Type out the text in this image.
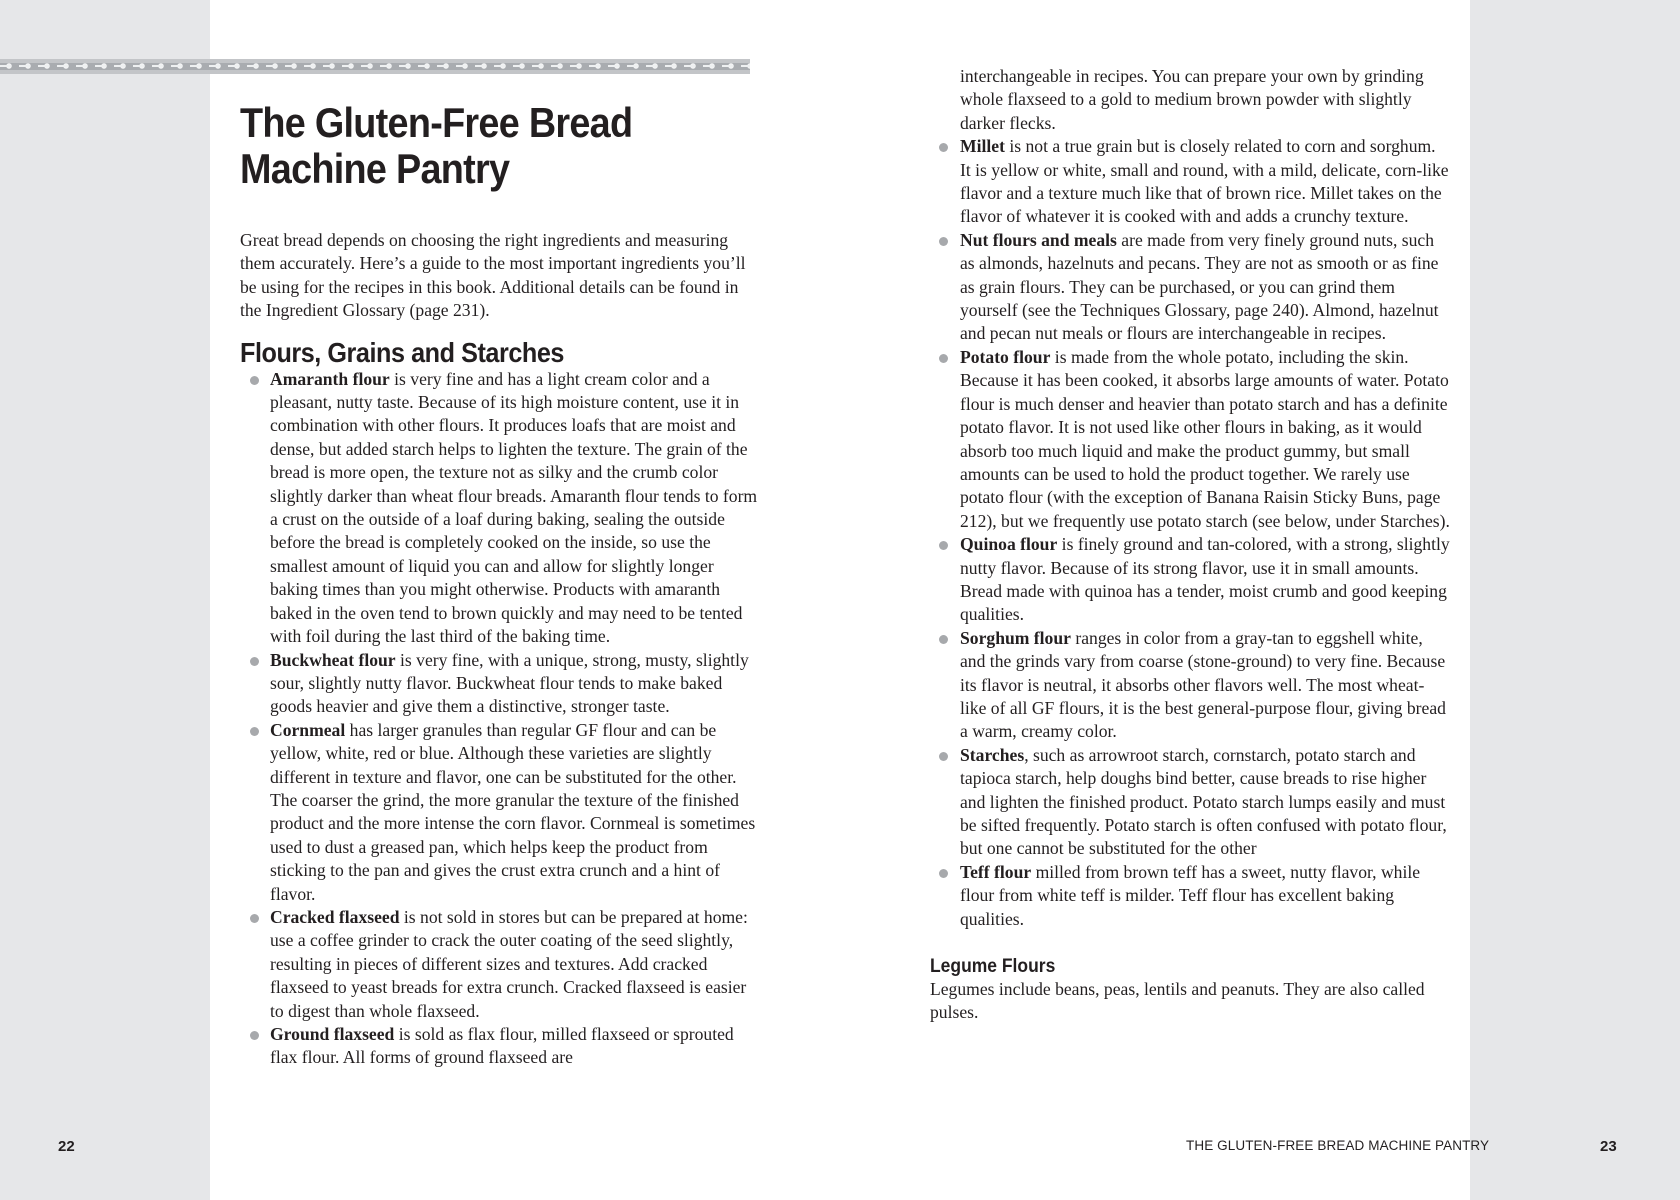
The Gluten-Free Bread
Machine Pantry

Great bread depends on choosing the right ingredients and measuring them accurately. Here’s a guide to the most important ingredients you’ll be using for the recipes in this book. Additional details can be found in the Ingredient Glossary (page 231).

Flours, Grains and Starches
Amaranth flour is very fine and has a light cream color and a pleasant, nutty taste. Because of its high moisture content, use it in combination with other flours. It produces loafs that are moist and dense, but added starch helps to lighten the texture. The grain of the bread is more open, the texture not as silky and the crumb color slightly darker than wheat flour breads. Amaranth flour tends to form a crust on the outside of a loaf during baking, sealing the outside before the bread is completely cooked on the inside, so use the smallest amount of liquid you can and allow for slightly longer baking times than you might otherwise. Products with amaranth baked in the oven tend to brown quickly and may need to be tented with foil during the last third of the baking time.
Buckwheat flour is very fine, with a unique, strong, musty, slightly sour, slightly nutty flavor. Buckwheat flour tends to make baked goods heavier and give them a distinctive, stronger taste.
Cornmeal has larger granules than regular GF flour and can be yellow, white, red or blue. Although these varieties are slightly different in texture and flavor, one can be substituted for the other. The coarser the grind, the more granular the texture of the finished product and the more intense the corn flavor. Cornmeal is sometimes used to dust a greased pan, which helps keep the product from sticking to the pan and gives the crust extra crunch and a hint of flavor.
Cracked flaxseed is not sold in stores but can be prepared at home: use a coffee grinder to crack the outer coating of the seed slightly, resulting in pieces of different sizes and textures. Add cracked flaxseed to yeast breads for extra crunch. Cracked flaxseed is easier to digest than whole flaxseed.
Ground flaxseed is sold as flax flour, milled flaxseed or sprouted flax flour. All forms of ground flaxseed are

interchangeable in recipes. You can prepare your own by grinding whole flaxseed to a gold to medium brown powder with slightly darker flecks.

Millet is not a true grain but is closely related to corn and sorghum. It is yellow or white, small and round, with a mild, delicate, corn-like flavor and a texture much like that of brown rice. Millet takes on the flavor of whatever it is cooked with and adds a crunchy texture.
Nut flours and meals are made from very finely ground nuts, such as almonds, hazelnuts and pecans. They are not as smooth or as fine as grain flours. They can be purchased, or you can grind them yourself (see the Techniques Glossary, page 240). Almond, hazelnut and pecan nut meals or flours are interchangeable in recipes.
Potato flour is made from the whole potato, including the skin. Because it has been cooked, it absorbs large amounts of water. Potato flour is much denser and heavier than potato starch and has a definite potato flavor. It is not used like other flours in baking, as it would absorb too much liquid and make the product gummy, but small amounts can be used to hold the product together. We rarely use potato flour (with the exception of Banana Raisin Sticky Buns, page 212), but we frequently use potato starch (see below, under Starches).
Quinoa flour is finely ground and tan-colored, with a strong, slightly nutty flavor. Because of its strong flavor, use it in small amounts. Bread made with quinoa has a tender, moist crumb and good keeping qualities.
Sorghum flour ranges in color from a gray-tan to eggshell white, and the grinds vary from coarse (stone-ground) to very fine. Because its flavor is neutral, it absorbs other flavors well. The most wheat-like of all GF flours, it is the best general-purpose flour, giving bread a warm, creamy color.
Starches, such as arrowroot starch, cornstarch, potato starch and tapioca starch, help doughs bind better, cause breads to rise higher and lighten the finished product. Potato starch lumps easily and must be sifted frequently. Potato starch is often confused with potato flour, but one cannot be substituted for the other
Teff flour milled from brown teff has a sweet, nutty flavor, while flour from white teff is milder. Teff flour has excellent baking qualities.
Legume Flours

Legumes include beans, peas, lentils and peanuts. They are also called pulses.

22	THE GLUTEN-FREE BREAD MACHINE PANTRY	23
